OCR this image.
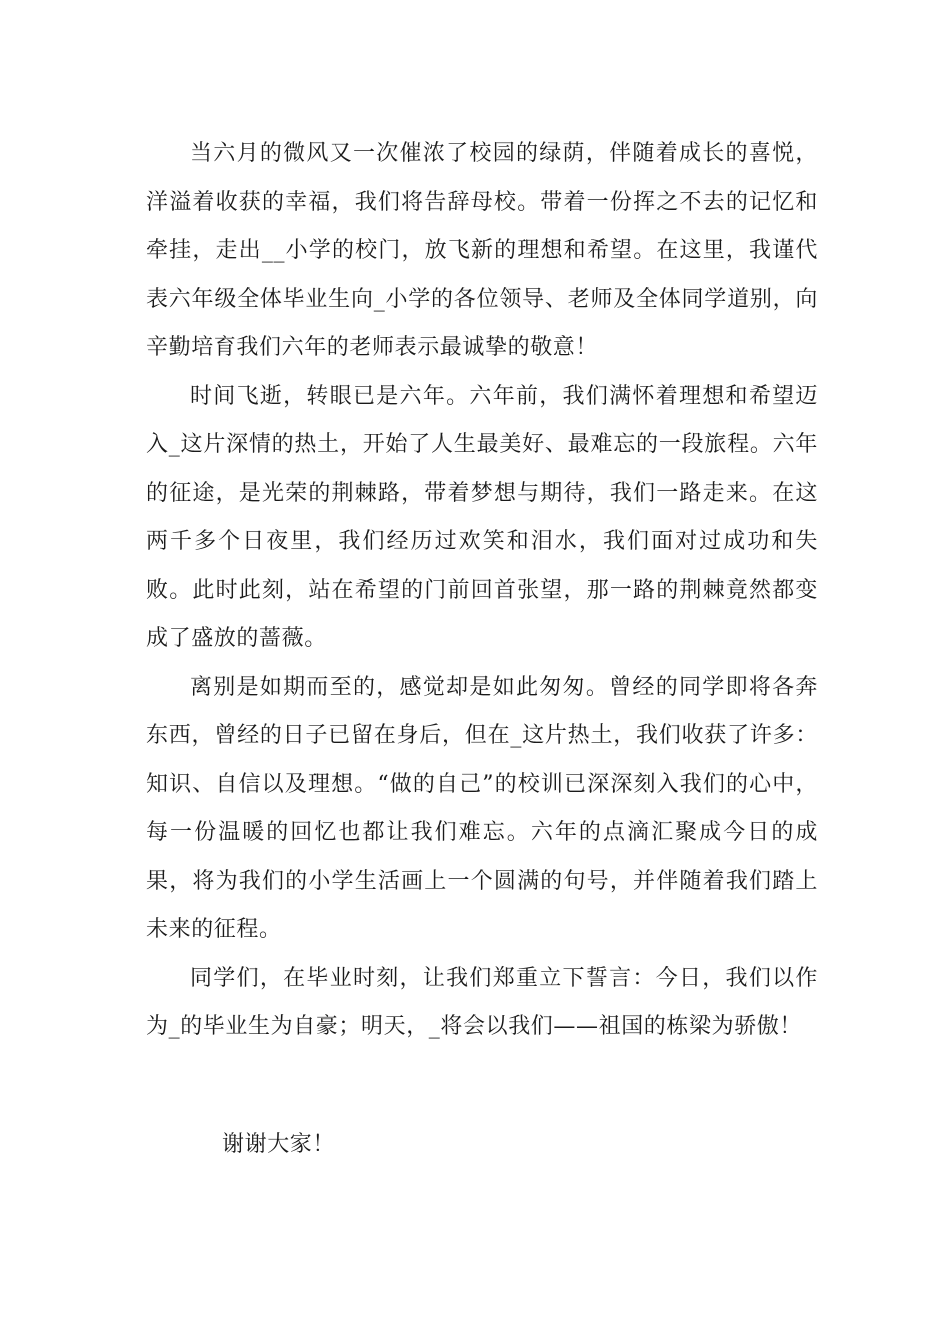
当六月的微风又一次催浓了校园的绿荫，伴随着成长的喜悦，洋溢着收获的幸福，我们将告辞母校。带着一份挥之不去的记忆和牵挂，走出__小学的校门，放飞新的理想和希望。在这里，我谨代表六年级全体毕业生向_小学的各位领导、老师及全体同学道别，向辛勤培育我们六年的老师表示最诚挚的敬意！

时间飞逝，转眼已是六年。六年前，我们满怀着理想和希望迈入_这片深情的热土，开始了人生最美好、最难忘的一段旅程。六年的征途，是光荣的荆棘路，带着梦想与期待，我们一路走来。在这两千多个日夜里，我们经历过欢笑和泪水，我们面对过成功和失败。此时此刻，站在希望的门前回首张望，那一路的荆棘竟然都变成了盛放的蔷薇。

离别是如期而至的，感觉却是如此匆匆。曾经的同学即将各奔东西，曾经的日子已留在身后，但在_这片热土，我们收获了许多：知识、自信以及理想。“做的自己”的校训已深深刻入我们的心中，每一份温暖的回忆也都让我们难忘。六年的点滴汇聚成今日的成果，将为我们的小学生活画上一个圆满的句号，并伴随着我们踏上未来的征程。

同学们，在毕业时刻，让我们郑重立下誓言：今日，我们以作为_的毕业生为自豪；明天，_将会以我们——祖国的栋梁为骄傲！

谢谢大家！
